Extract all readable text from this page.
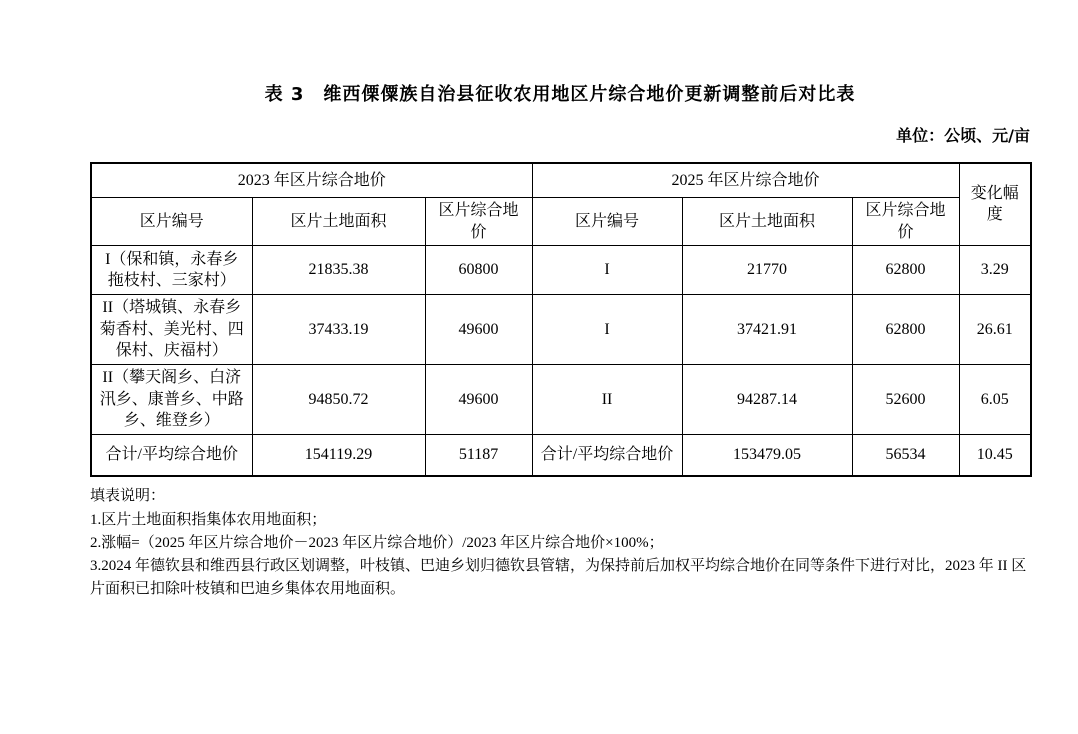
表 3　维西傈僳族自治县征收农用地区片综合地价更新调整前后对比表
单位：公顷、元/亩
2023 年区片综合地价			2025 年区片综合地价			变化幅度
区片编号	区片土地面积	区片综合地价	区片编号	区片土地面积	区片综合地价	
I（保和镇，永春乡拖枝村、三家村）	21835.38	60800	I	21770	62800	3.29
II（塔城镇、永春乡菊香村、美光村、四保村、庆福村）	37433.19	49600	I	37421.91	62800	26.61
II（攀天阁乡、白济汛乡、康普乡、中路乡、维登乡）	94850.72	49600	II	94287.14	52600	6.05
合计/平均综合地价	154119.29	51187	合计/平均综合地价	153479.05	56534	10.45
填表说明：
1.区片土地面积指集体农用地面积；
2.涨幅=（2025 年区片综合地价－2023 年区片综合地价）/2023 年区片综合地价×100%；
3.2024 年德钦县和维西县行政区划调整，叶枝镇、巴迪乡划归德钦县管辖，为保持前后加权平均综合地价在同等条件下进行对比，2023 年 II 区片面积已扣除叶枝镇和巴迪乡集体农用地面积。
